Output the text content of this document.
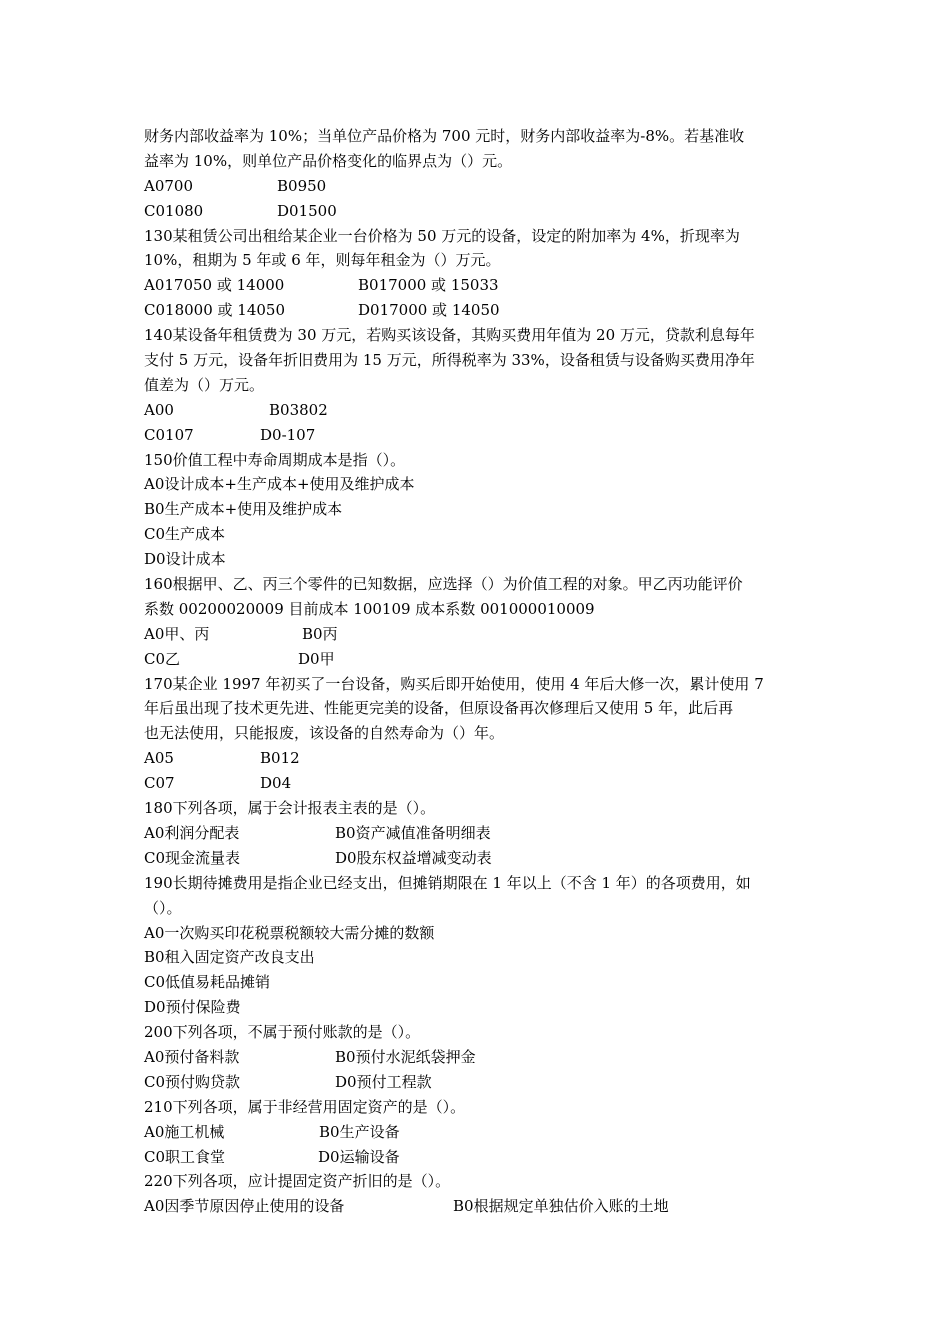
财务内部收益率为 10%；当单位产品价格为 700 元时，财务内部收益率为-8%。若基准收
益率为 10%，则单位产品价格变化的临界点为（）元。
A0700	B0950
C01080	D01500
130某租赁公司出租给某企业一台价格为 50 万元的设备，设定的附加率为 4%，折现率为
10%，租期为 5 年或 6 年，则每年租金为（）万元。
A017050 或 14000	B017000 或 15033
C018000 或 14050	D017000 或 14050
140某设备年租赁费为 30 万元，若购买该设备，其购买费用年值为 20 万元，贷款利息每年
支付 5 万元，设备年折旧费用为 15 万元，所得税率为 33%，设备租赁与设备购买费用净年
值差为（）万元。
A00	B03802
C0107	D0-107
150价值工程中寿命周期成本是指（）。
A0设计成本+生产成本+使用及维护成本
B0生产成本+使用及维护成本
C0生产成本
D0设计成本
160根据甲、乙、丙三个零件的已知数据，应选择（）为价值工程的对象。甲乙丙功能评价
系数 00200020009 目前成本 100109 成本系数 001000010009
A0甲、丙	B0丙
C0乙	D0甲
170某企业 1997 年初买了一台设备，购买后即开始使用，使用 4 年后大修一次，累计使用 7
年后虽出现了技术更先进、性能更完美的设备，但原设备再次修理后又使用 5 年，此后再
也无法使用，只能报废，该设备的自然寿命为（）年。
A05	B012
C07	D04
180下列各项，属于会计报表主表的是（）。
A0利润分配表	B0资产减值准备明细表
C0现金流量表	D0股东权益增减变动表
190长期待摊费用是指企业已经支出，但摊销期限在 1 年以上（不含 1 年）的各项费用，如
（）。
A0一次购买印花税票税额较大需分摊的数额
B0租入固定资产改良支出
C0低值易耗品摊销
D0预付保险费
200下列各项，不属于预付账款的是（）。
A0预付备料款	B0预付水泥纸袋押金
C0预付购贷款	D0预付工程款
210下列各项，属于非经营用固定资产的是（）。
A0施工机械	B0生产设备
C0职工食堂	D0运输设备
220下列各项，应计提固定资产折旧的是（）。
A0因季节原因停止使用的设备	B0根据规定单独估价入账的土地
